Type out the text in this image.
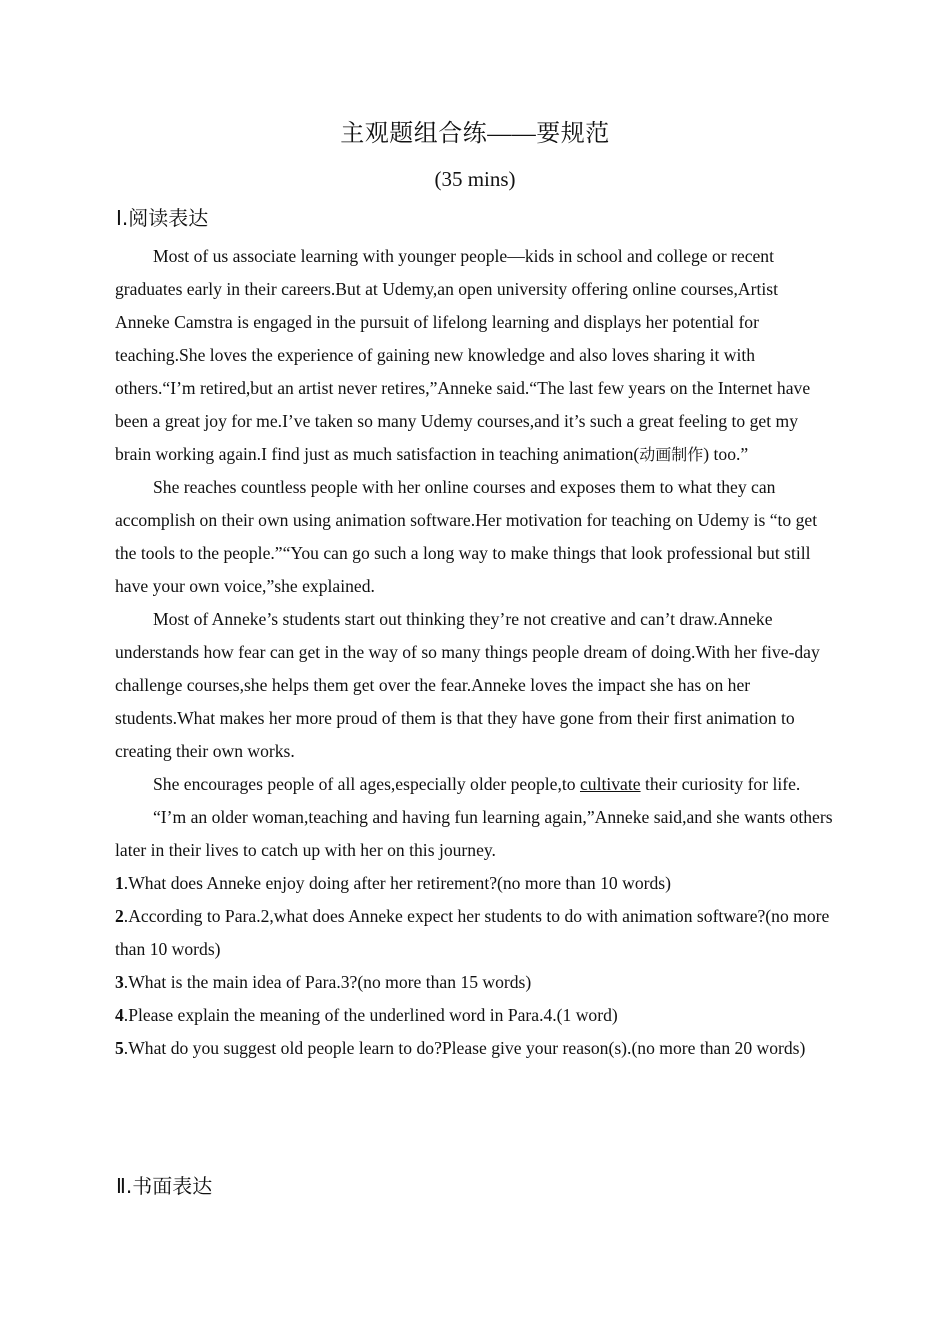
主观题组合练——要规范
(35 mins)
Ⅰ.阅读表达

Most of us associate learning with younger people—kids in school and college or recent graduates early in their careers.But at Udemy,an open university offering online courses,Artist Anneke Camstra is engaged in the pursuit of lifelong learning and displays her potential for teaching.She loves the experience of gaining new knowledge and also loves sharing it with others.“I’m retired,but an artist never retires,”Anneke said.“The last few years on the Internet have been a great joy for me.I’ve taken so many Udemy courses,and it’s such a great feeling to get my brain working again.I find just as much satisfaction in teaching animation(动画制作) too.”

She reaches countless people with her online courses and exposes them to what they can accomplish on their own using animation software.Her motivation for teaching on Udemy is “to get the tools to the people.”“You can go such a long way to make things that look professional but still have your own voice,”she explained.

Most of Anneke’s students start out thinking they’re not creative and can’t draw.Anneke understands how fear can get in the way of so many things people dream of doing.With her five-day challenge courses,she helps them get over the fear.Anneke loves the impact she has on her students.What makes her more proud of them is that they have gone from their first animation to creating their own works.

She encourages people of all ages,especially older people,to cultivate their curiosity for life.

“I’m an older woman,teaching and having fun learning again,”Anneke said,and she wants others later in their lives to catch up with her on this journey.

1.What does Anneke enjoy doing after her retirement?(no more than 10 words)

2.According to Para.2,what does Anneke expect her students to do with animation software?(no more than 10 words)

3.What is the main idea of Para.3?(no more than 15 words)

4.Please explain the meaning of the underlined word in Para.4.(1 word)

5.What do you suggest old people learn to do?Please give your reason(s).(no more than 20 words)

Ⅱ.书面表达
